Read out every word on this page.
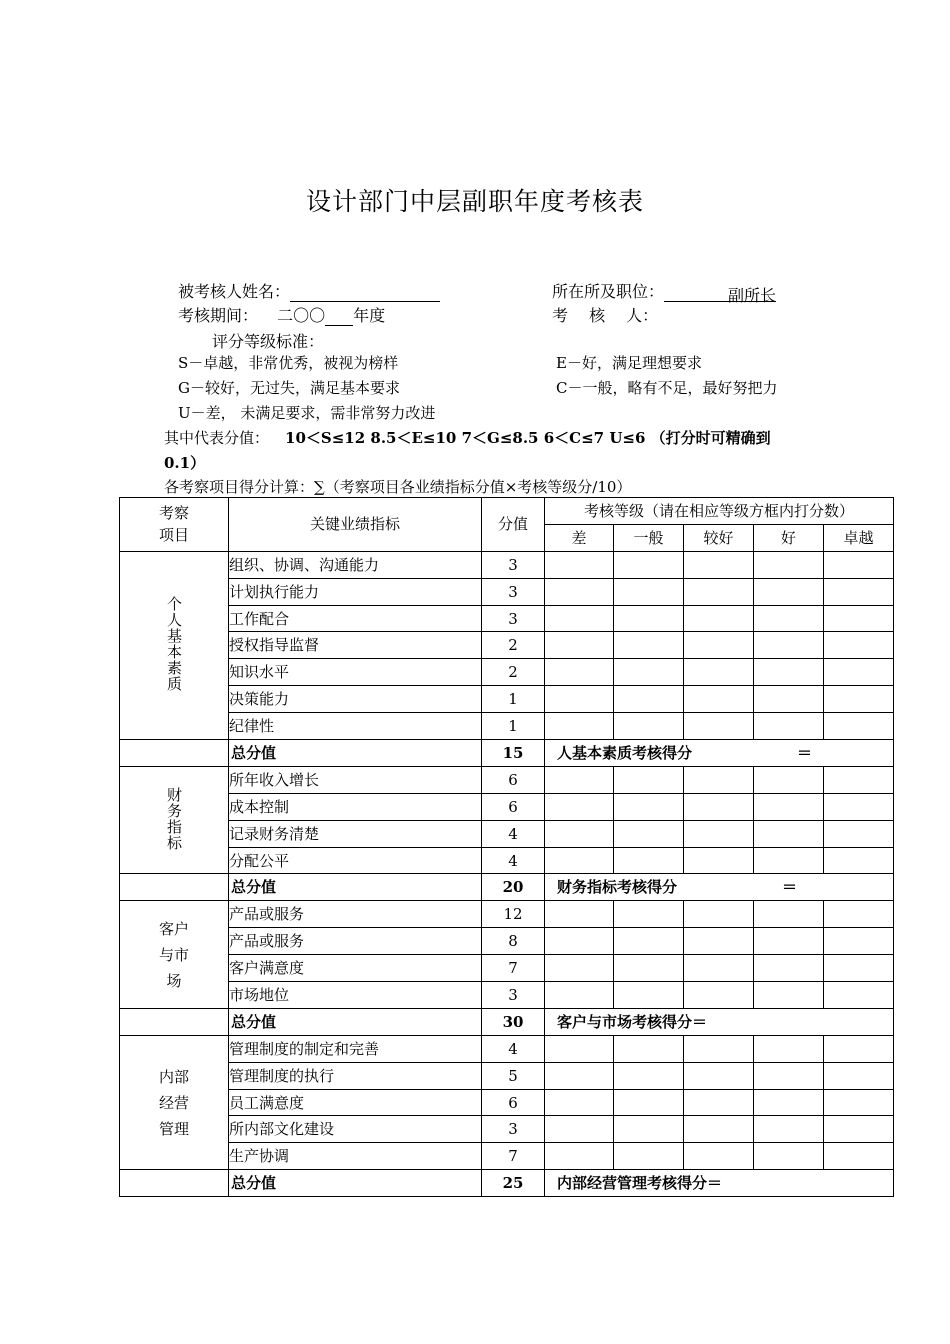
设计部门中层副职年度考核表
被考核人姓名：	所在所及职位：	副所长
考核期间： 二〇〇 年度	考　 核　 人：
评分等级标准：
S－卓越，非常优秀，被视为榜样	E－好，满足理想要求
G－较好，无过失，满足基本要求	C－一般，略有不足，最好努把力
U－差， 未满足要求，需非常努力改进
其中代表分值： 10＜S≤12 8.5＜E≤10 7＜G≤8.5 6＜C≤7 U≤6 （打分时可精确到
0.1）
各考察项目得分计算：∑（考察项目各业绩指标分值×考核等级分/10）
考察项目	关键业绩指标	分值	考核等级（请在相应等级方框内打分数）				
			差	一般	较好	好	卓越
个人基本素质	组织、协调、沟通能力	3					
	计划执行能力	3					
	工作配合	3					
	授权指导监督	2					
	知识水平	2					
	决策能力	1					
	纪律性	1					
	总分值	15	人基本素质考核得分 ＝				
财务指标	所年收入增长	6					
	成本控制	6					
	记录财务清楚	4					
	分配公平	4					
	总分值	20	财务指标考核得分 ＝				
客户与市场	产品或服务	12					
	产品或服务	8					
	客户满意度	7					
	市场地位	3					
	总分值	30	客户与市场考核得分＝				
内部经营管理	管理制度的制定和完善	4					
	管理制度的执行	5					
	员工满意度	6					
	所内部文化建设	3					
	生产协调	7					
	总分值	25	内部经营管理考核得分＝				
